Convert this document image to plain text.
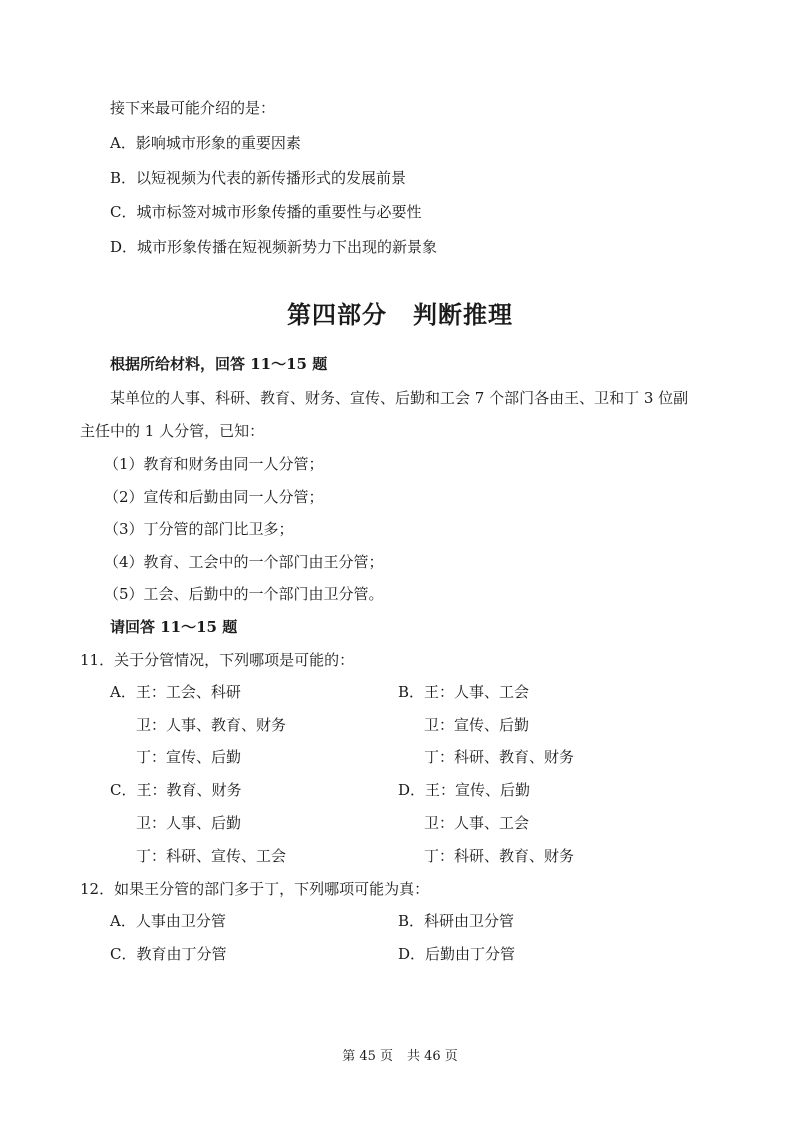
接下来最可能介绍的是：
A．影响城市形象的重要因素
B．以短视频为代表的新传播形式的发展前景
C．城市标签对城市形象传播的重要性与必要性
D．城市形象传播在短视频新势力下出现的新景象
第四部分 判断推理
根据所给材料，回答 11～15 题
某单位的人事、科研、教育、财务、宣传、后勤和工会 7 个部门各由王、卫和丁 3 位副
主任中的 1 人分管，已知：
（1）教育和财务由同一人分管；
（2）宣传和后勤由同一人分管；
（3）丁分管的部门比卫多；
（4）教育、工会中的一个部门由王分管；
（5）工会、后勤中的一个部门由卫分管。
请回答 11～15 题
11．关于分管情况，下列哪项是可能的：
A．王：工会、科研
卫：人事、教育、财务
丁：宣传、后勤
B．王：人事、工会
卫：宣传、后勤
丁：科研、教育、财务
C．王：教育、财务
卫：人事、后勤
丁：科研、宣传、工会
D．王：宣传、后勤
卫：人事、工会
丁：科研、教育、财务
12．如果王分管的部门多于丁，下列哪项可能为真：
A．人事由卫分管	B．科研由卫分管
C．教育由丁分管	D．后勤由丁分管
第 45 页 共 46 页
